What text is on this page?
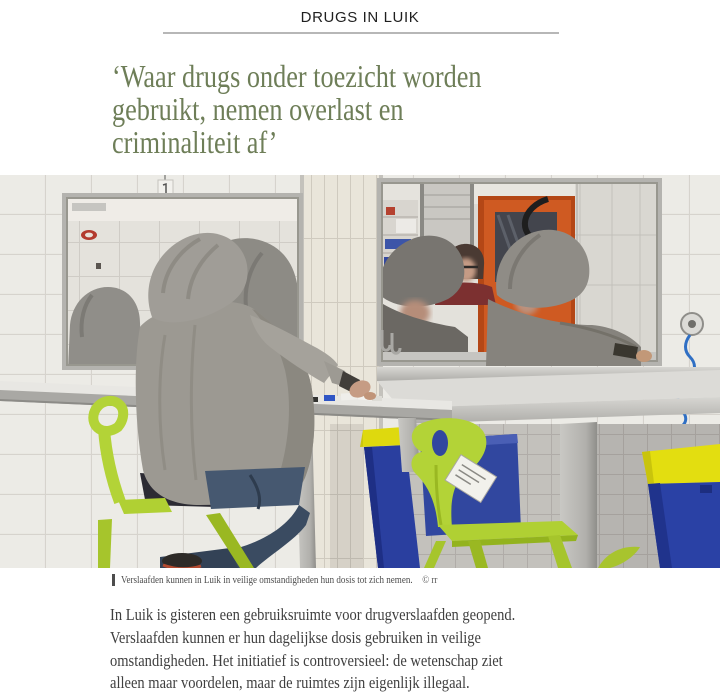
DRUGS IN LUIK
‘Waar drugs onder toezicht worden
gebruikt, nemen overlast en
criminaliteit af’
Verslaafden kunnen in Luik in veilige omstandigheden hun dosis tot zich nemen. © rr
In Luik is gisteren een gebruiksruimte voor drugverslaafden geopend.
Verslaafden kunnen er hun dagelijkse dosis gebruiken in veilige
omstandigheden. Het initiatief is controversieel: de wetenschap ziet
alleen maar voordelen, maar de ruimtes zijn eigenlijk illegaal.
